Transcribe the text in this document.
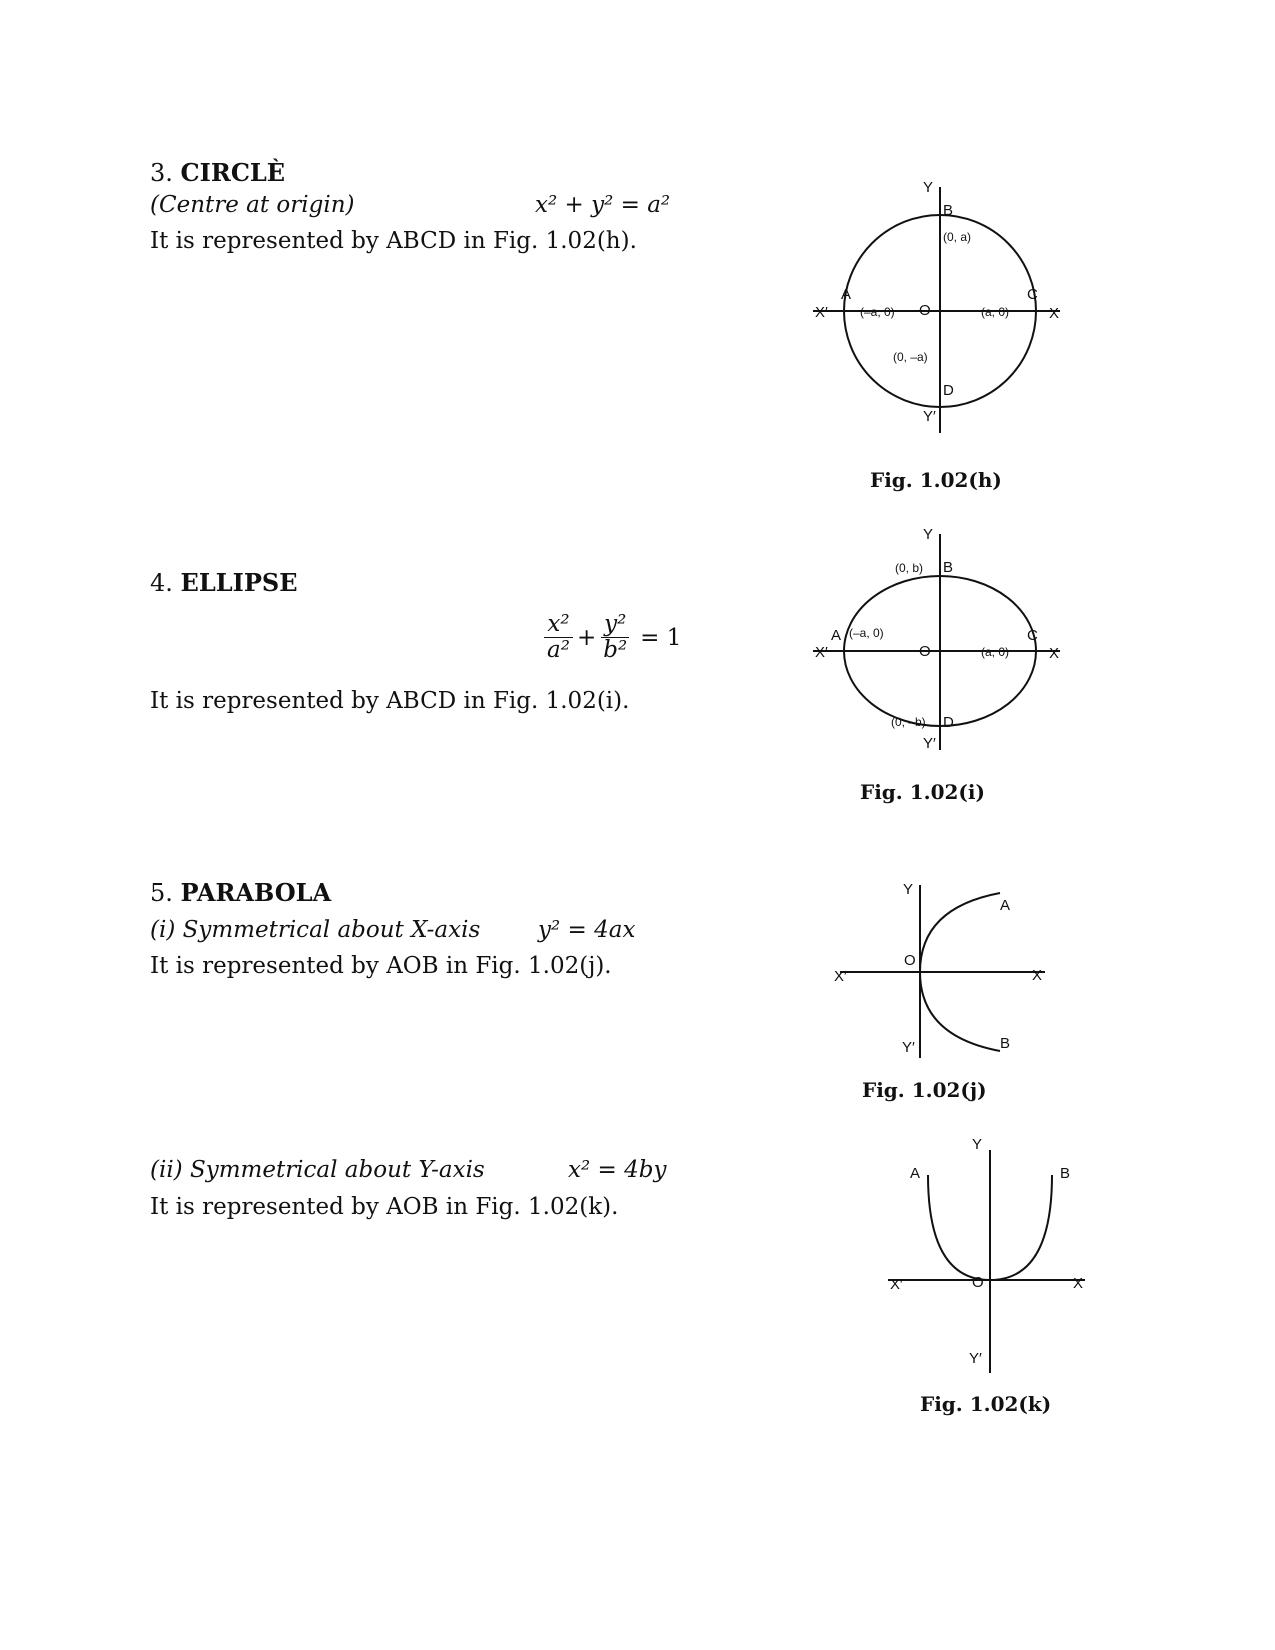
3. CIRCLÈ
(Centre at origin)	x² + y² = a²
It is represented by ABCD in Fig. 1.02(h).
Y
Y′
X
X′	O
B
A	C
D
(0, a)
(–a, 0)	(a, 0)
(0, –a)
Fig. 1.02(h)
4. ELLIPSE
$\frac{\text{x²}}{\text{a²}} + \frac{\text{y²}}{\text{b²}} = 1$
It is represented by ABCD in Fig. 1.02(i).
Y
Y′
X
X′	O
B
A	C
D
(0, b)
(–a, 0)
(a, 0)
(0, –b)
Fig. 1.02(i)
5. PARABOLA
(i) Symmetrical about X-axis	y² = 4ax
It is represented by AOB in Fig. 1.02(j).
Y
Y′
X
X′
O
A
B
Fig. 1.02(j)
(ii) Symmetrical about Y-axis	x² = 4by
It is represented by AOB in Fig. 1.02(k).
Y
Y′
X
X′	O
A	B
Fig. 1.02(k)
